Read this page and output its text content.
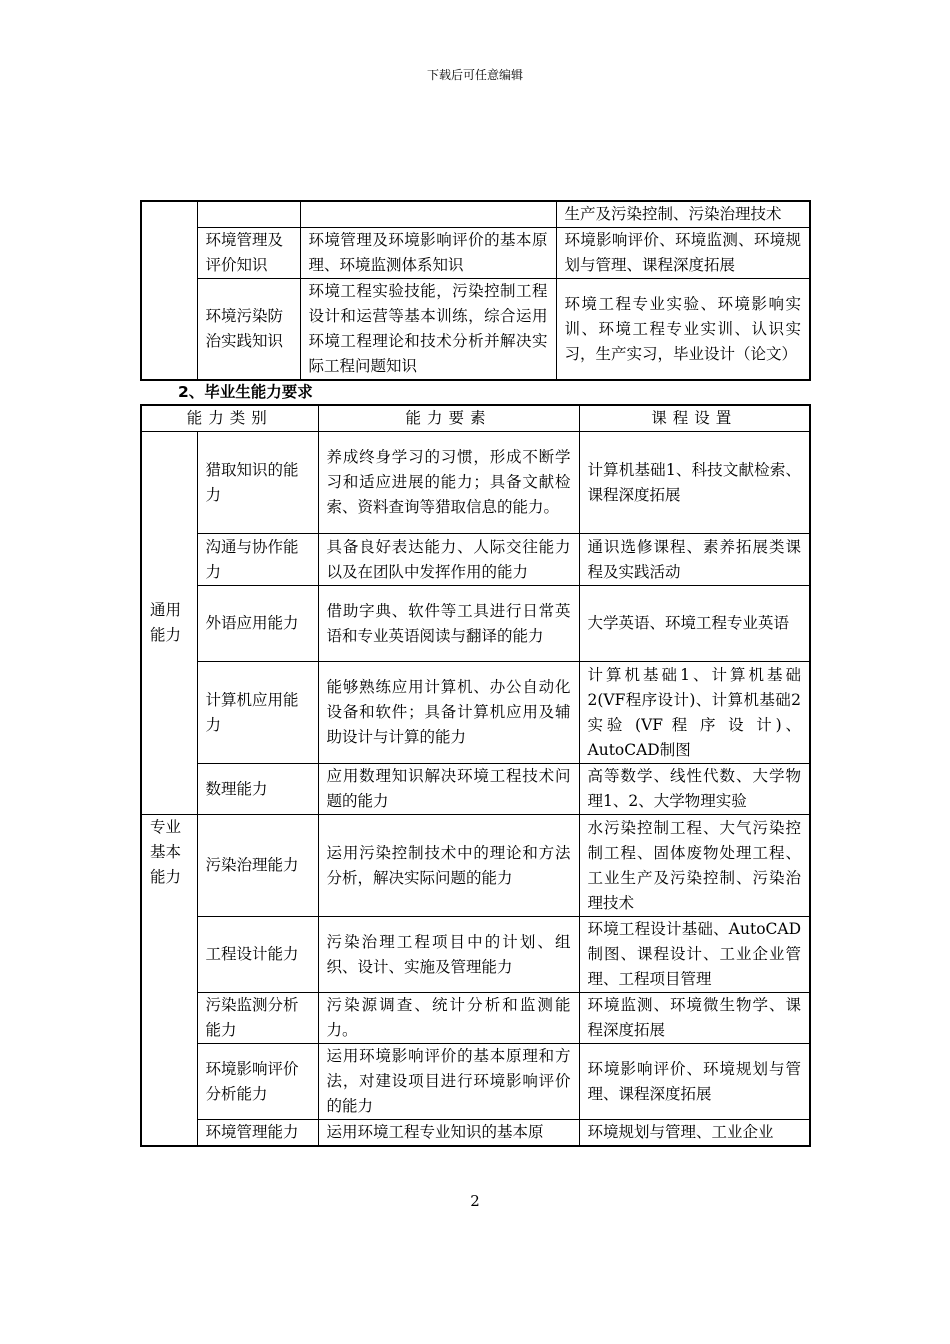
下载后可任意编辑
			生产及污染控制、污染治理技术
	环境管理及评价知识	环境管理及环境影响评价的基本原理、环境监测体系知识	环境影响评价、环境监测、环境规划与管理、课程深度拓展
	环境污染防治实践知识	环境工程实验技能，污染控制工程设计和运营等基本训练，综合运用环境工程理论和技术分析并解决实际工程问题知识	环境工程专业实验、环境影响实训、环境工程专业实训、认识实习，生产实习，毕业设计（论文）
2、毕业生能力要求
能力类别		能力要素	课程设置
通用能力	猎取知识的能力	养成终身学习的习惯，形成不断学习和适应进展的能力；具备文献检索、资料查询等猎取信息的能力。	计算机基础1、科技文献检索、课程深度拓展
	沟通与协作能力	具备良好表达能力、人际交往能力以及在团队中发挥作用的能力	通识选修课程、素养拓展类课程及实践活动
	外语应用能力	借助字典、软件等工具进行日常英语和专业英语阅读与翻译的能力	大学英语、环境工程专业英语
	计算机应用能力	能够熟练应用计算机、办公自动化设备和软件；具备计算机应用及辅助设计与计算的能力	计算机基础1、计算机基础2(VF程序设计)、计算机基础2 实验 (VF 程 序 设 计)、AutoCAD制图
	数理能力	应用数理知识解决环境工程技术问题的能力	高等数学、线性代数、大学物理1、2、大学物理实验
专业基本能力	污染治理能力	运用污染控制技术中的理论和方法分析，解决实际问题的能力	水污染控制工程、大气污染控制工程、固体废物处理工程、工业生产及污染控制、污染治理技术
	工程设计能力	污染治理工程项目中的计划、组织、设计、实施及管理能力	环境工程设计基础、AutoCAD制图、课程设计、工业企业管理、工程项目管理
	污染监测分析能力	污染源调查、统计分析和监测能力。	环境监测、环境微生物学、课程深度拓展
	环境影响评价分析能力	运用环境影响评价的基本原理和方法，对建设项目进行环境影响评价的能力	环境影响评价、环境规划与管理、课程深度拓展
	环境管理能力	运用环境工程专业知识的基本原	环境规划与管理、工业企业
2
